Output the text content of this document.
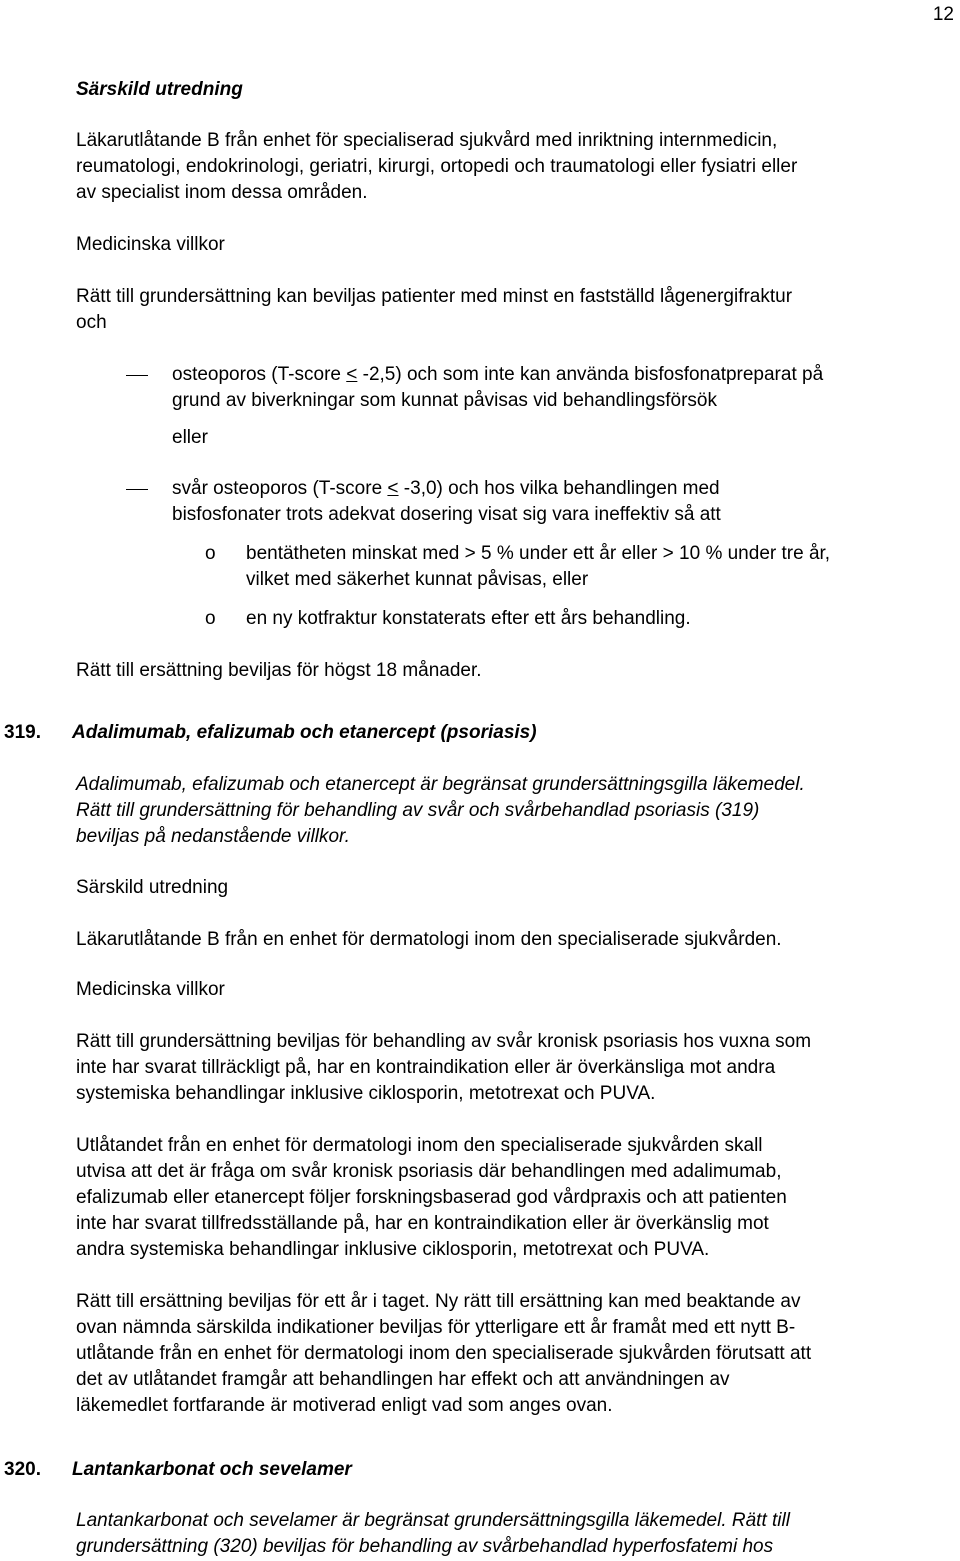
12
Särskild utredning
Läkarutlåtande B från enhet för specialiserad sjukvård med inriktning internmedicin,
reumatologi, endokrinologi, geriatri, kirurgi, ortopedi och traumatologi eller fysiatri eller
av specialist inom dessa områden.
Medicinska villkor
Rätt till grundersättning kan beviljas patienter med minst en fastställd lågenergifraktur
och
osteoporos (T-score ≤ -2,5) och som inte kan använda bisfosfonatpreparat på
grund av biverkningar som kunnat påvisas vid behandlingsförsök
eller
svår osteoporos (T-score ≤ -3,0) och hos vilka behandlingen med
bisfosfonater trots adekvat dosering visat sig vara ineffektiv så att
o bentätheten minskat med > 5 % under ett år eller > 10 % under tre år,
vilket med säkerhet kunnat påvisas, eller
o en ny kotfraktur konstaterats efter ett års behandling.
Rätt till ersättning beviljas för högst 18 månader.
319. Adalimumab, efalizumab och etanercept (psoriasis)
Adalimumab, efalizumab och etanercept är begränsat grundersättningsgilla läkemedel.
Rätt till grundersättning för behandling av svår och svårbehandlad psoriasis (319)
beviljas på nedanstående villkor.
Särskild utredning
Läkarutlåtande B från en enhet för dermatologi inom den specialiserade sjukvården.
Medicinska villkor
Rätt till grundersättning beviljas för behandling av svår kronisk psoriasis hos vuxna som
inte har svarat tillräckligt på, har en kontraindikation eller är överkänsliga mot andra
systemiska behandlingar inklusive ciklosporin, metotrexat och PUVA.
Utlåtandet från en enhet för dermatologi inom den specialiserade sjukvården skall
utvisa att det är fråga om svår kronisk psoriasis där behandlingen med adalimumab,
efalizumab eller etanercept följer forskningsbaserad god vårdpraxis och att patienten
inte har svarat tillfredsställande på, har en kontraindikation eller är överkänslig mot
andra systemiska behandlingar inklusive ciklosporin, metotrexat och PUVA.
Rätt till ersättning beviljas för ett år i taget. Ny rätt till ersättning kan med beaktande av
ovan nämnda särskilda indikationer beviljas för ytterligare ett år framåt med ett nytt B-
utlåtande från en enhet för dermatologi inom den specialiserade sjukvården förutsatt att
det av utlåtandet framgår att behandlingen har effekt och att användningen av
läkemedlet fortfarande är motiverad enligt vad som anges ovan.
320. Lantankarbonat och sevelamer
Lantankarbonat och sevelamer är begränsat grundersättningsgilla läkemedel. Rätt till
grundersättning (320) beviljas för behandling av svårbehandlad hyperfosfatemi hos
